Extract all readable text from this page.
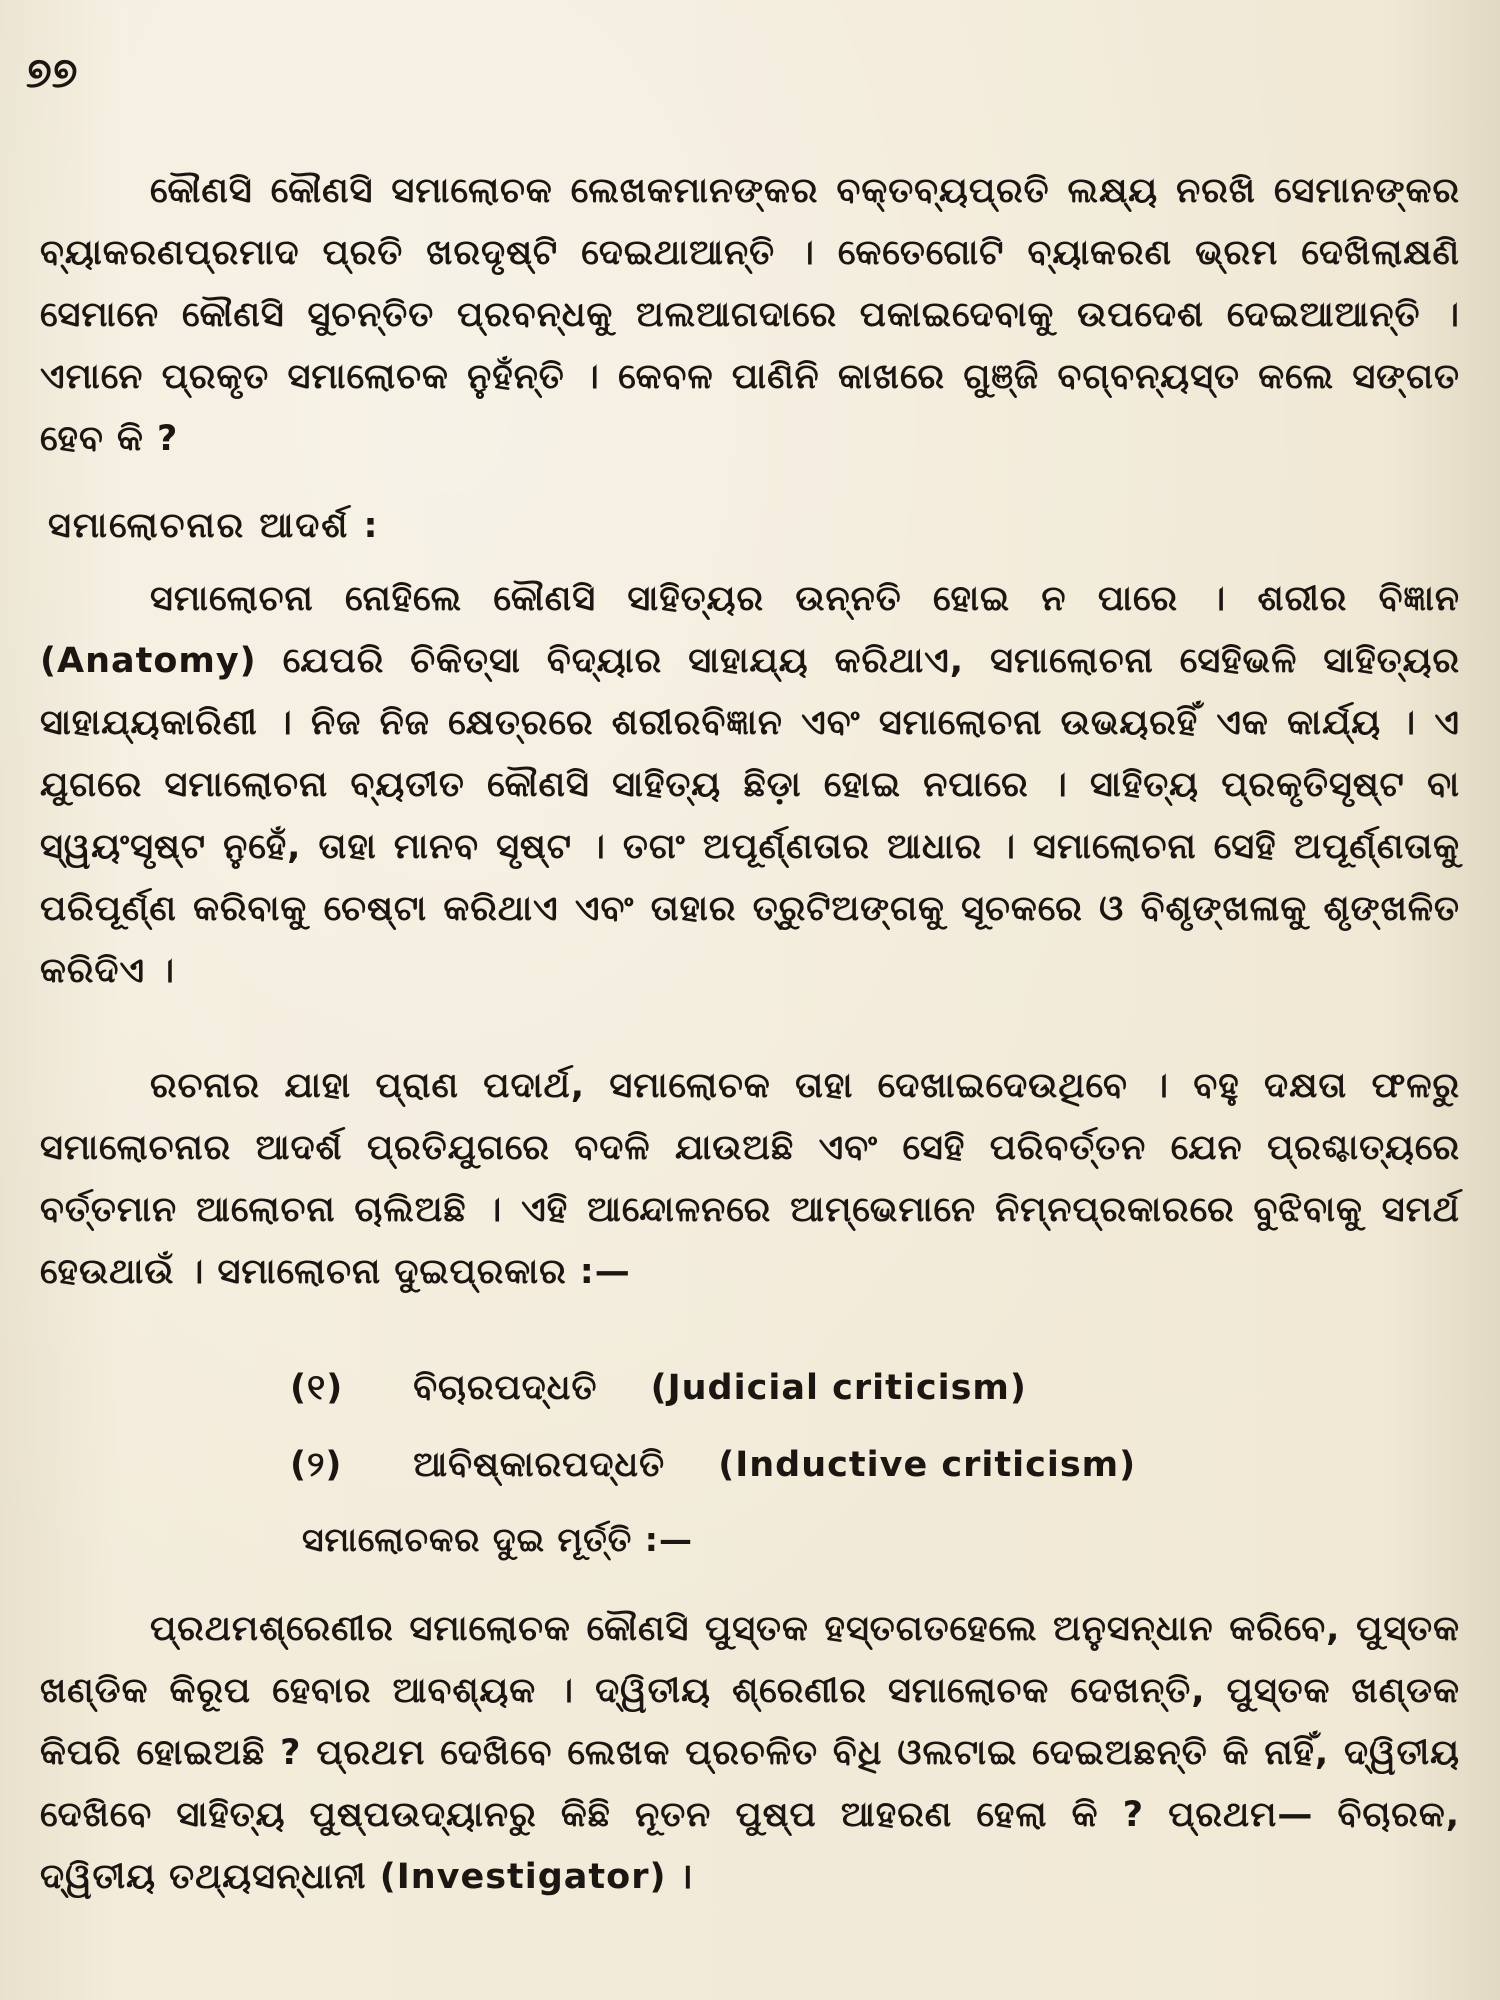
୭୭

କୌଣସି କୌଣସି ସମାଲୋଚକ ଲେଖକମାନଙ୍କର ବକ୍ତବ୍ୟପ୍ରତି ଲକ୍ଷ୍ୟ ନରଖି ସେମାନଙ୍କର ବ୍ୟାକରଣପ୍ରମାଦ ପ୍ରତି ଖରଦୃଷ୍ଟି ଦେଇଥାଆନ୍ତି । କେତେଗୋଟି ବ୍ୟାକରଣ ଭ୍ରମ ଦେଖିଲାକ୍ଷଣି ସେମାନେ କୌଣସି ସୁଚନ୍ତିତ ପ୍ରବନ୍ଧକୁ ଅଲଆଗଦାରେ ପକାଇଦେବାକୁ ଉପଦେଶ ଦେଇଆଆନ୍ତି । ଏମାନେ ପ୍ରକୃତ ସମାଲୋଚକ ନୁହଁନ୍ତି । କେବଳ ପାଣିନି କାଖରେ ଗୁଞ୍ଜି ବଗ୍‌ବନ୍ୟସ୍ତ କଲେ ସଙ୍ଗତ ହେବ କି ?

ସମାଲୋଚନାର ଆଦର୍ଶ :

ସମାଲୋଚନା ନୋହିଲେ କୌଣସି ସାହିତ୍ୟର ଉନ୍ନତି ହୋଇ ନ ପାରେ । ଶରୀର ବିଜ୍ଞାନ (Anatomy) ଯେପରି ଚିକିତ୍ସା ବିଦ୍ୟାର ସାହାଯ୍ୟ କରିଥାଏ, ସମାଲୋଚନା ସେହିଭଳି ସାହିତ୍ୟର ସାହାଯ୍ୟକାରିଣୀ । ନିଜ ନିଜ କ୍ଷେତ୍ରରେ ଶରୀରବିଜ୍ଞାନ ଏବଂ ସମାଲୋଚନା ଉଭୟରହିଁ ଏକ କାର୍ଯ୍ୟ । ଏ ଯୁଗରେ ସମାଲୋଚନା ବ୍ୟତୀତ କୌଣସି ସାହିତ୍ୟ ଛିଡ଼ା ହୋଇ ନପାରେ । ସାହିତ୍ୟ ପ୍ରକୃତିସୃଷ୍ଟ ବା ସ୍ୱୟଂସୃଷ୍ଟ ନୁହେଁ, ତାହା ମାନବ ସୃଷ୍ଟ । ତଗଂ ଅପୂର୍ଣ୍ଣତାର ଆଧାର । ସମାଲୋଚନା ସେହି ଅପୂର୍ଣ୍ଣତାକୁ ପରିପୂର୍ଣ୍ଣ କରିବାକୁ ଚେଷ୍ଟା କରିଥାଏ ଏବଂ ତାହାର ତ୍ରୁଟିଅଙ୍ଗକୁ ସୂଚକରେ ଓ ବିଶୃଙ୍ଖଳାକୁ ଶୃଙ୍ଖଳିତ କରିଦିଏ ।

ରଚନାର ଯାହା ପ୍ରାଣ ପଦାର୍ଥ, ସମାଲୋଚକ ତାହା ଦେଖାଇଦେଉଥିବେ । ବହୁ ଦକ୍ଷତା ଫଳରୁ ସମାଲୋଚନାର ଆଦର୍ଶ ପ୍ରତିଯୁଗରେ ବଦଳି ଯାଉଅଛି ଏବଂ ସେହି ପରିବର୍ତ୍ତନ ଯେନ ପ୍ରଶ୍ଚାତ୍ୟରେ ବର୍ତ୍ତମାନ ଆଲୋଚନା ଚାଲିଅଛି । ଏହି ଆନ୍ଦୋଳନରେ ଆମ୍ଭେମାନେ ନିମ୍ନପ୍ରକାରରେ ବୁଝିବାକୁ ସମର୍ଥ ହେଉଥାଉଁ । ସମାଲୋଚନା ଦୁଇପ୍ରକାର :—

(୧) ବିଚାରପଦ୍ଧତି (Judicial criticism)
(୨) ଆବିଷ୍କାରପଦ୍ଧତି (Inductive criticism)
ସମାଲୋଚକର ଦୁଇ ମୂର୍ତ୍ତି :—

ପ୍ରଥମଶ୍ରେଣୀର ସମାଲୋଚକ କୌଣସି ପୁସ୍ତକ ହସ୍ତଗତହେଲେ ଅନୁସନ୍ଧାନ କରିବେ, ପୁସ୍ତକ ଖଣ୍ଡିକ କିରୂପ ହେବାର ଆବଶ୍ୟକ । ଦ୍ୱିତୀୟ ଶ୍ରେଣୀର ସମାଲୋଚକ ଦେଖନ୍ତି, ପୁସ୍ତକ ଖଣ୍ଡକ କିପରି ହୋଇଅଛି ? ପ୍ରଥମ ଦେଖିବେ ଲେଖକ ପ୍ରଚଳିତ ବିଧି ଓଲଟାଇ ଦେଇଅଛନ୍ତି କି ନାହିଁ, ଦ୍ୱିତୀୟ ଦେଖିବେ ସାହିତ୍ୟ ପୁଷ୍ପଉଦ୍ୟାନରୁ କିଛି ନୂତନ ପୁଷ୍ପ ଆହରଣ ହେଲା କି ? ପ୍ରଥମ— ବିଚାରକ, ଦ୍ୱିତୀୟ ତଥ୍ୟସନ୍ଧାନୀ (Investigator) ।
